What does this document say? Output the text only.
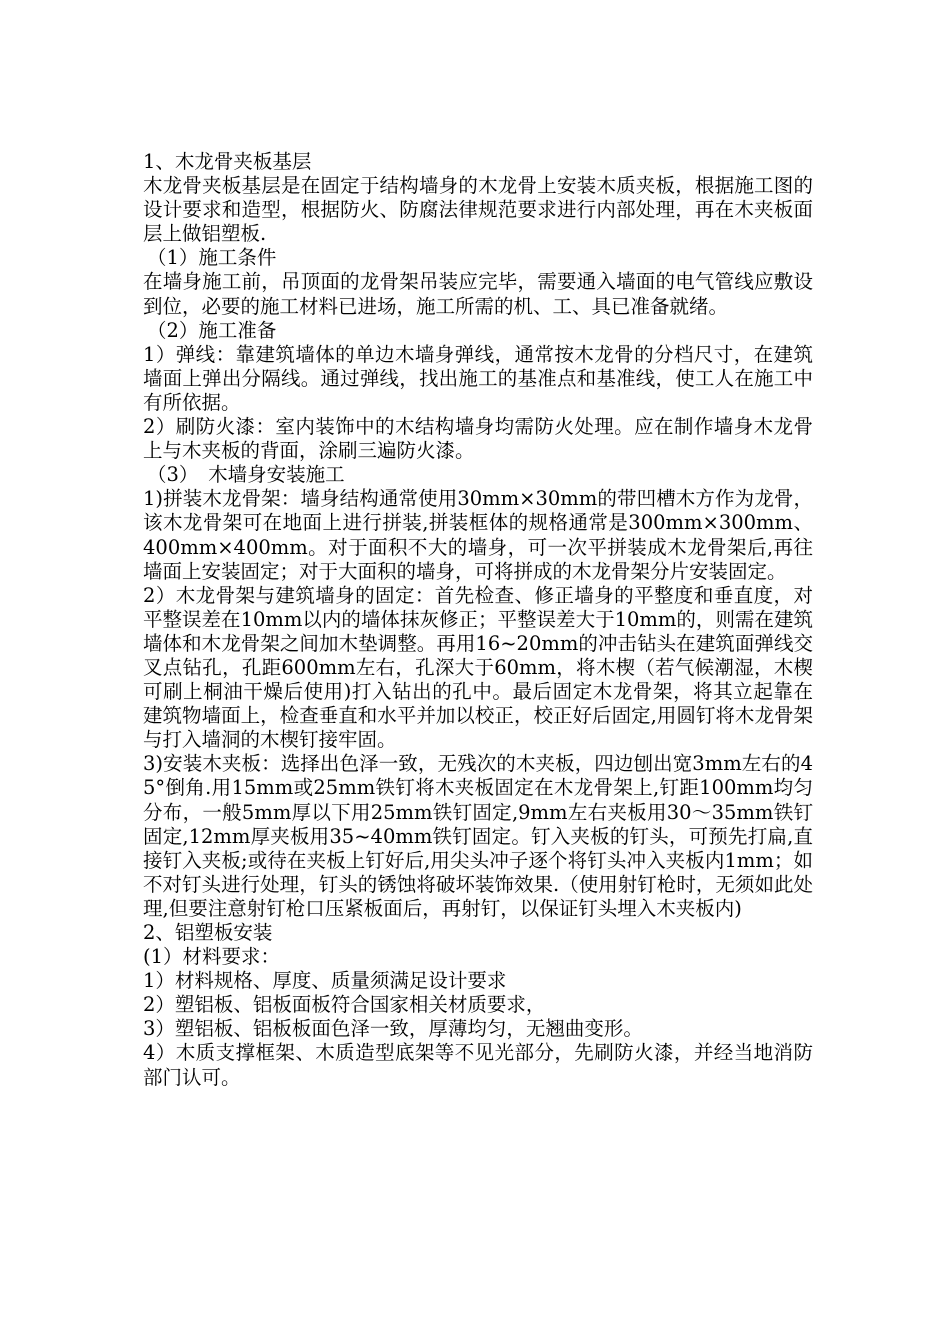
1、木龙骨夹板基层

木龙骨夹板基层是在固定于结构墙身的木龙骨上安装木质夹板，根据施工图的设计要求和造型，根据防火、防腐法律规范要求进行内部处理，再在木夹板面层上做铝塑板.

（1）施工条件

在墙身施工前，吊顶面的龙骨架吊装应完毕，需要通入墙面的电气管线应敷设到位，必要的施工材料已进场，施工所需的机、工、具已准备就绪。

（2）施工准备

1）弹线：靠建筑墙体的单边木墙身弹线，通常按木龙骨的分档尺寸，在建筑墙面上弹出分隔线。通过弹线，找出施工的基准点和基准线，使工人在施工中有所依据。

2）刷防火漆：室内装饰中的木结构墙身均需防火处理。应在制作墙身木龙骨上与木夹板的背面，涂刷三遍防火漆。

（3）　木墙身安装施工

1)拼装木龙骨架：墙身结构通常使用30mm×30mm的带凹槽木方作为龙骨，该木龙骨架可在地面上进行拼装,拼装框体的规格通常是300mm×300mm、400mm×400mm。对于面积不大的墙身，可一次平拼装成木龙骨架后,再往墙面上安装固定；对于大面积的墙身，可将拼成的木龙骨架分片安装固定。

2）木龙骨架与建筑墙身的固定：首先检查、修正墙身的平整度和垂直度，对平整误差在10mm以内的墙体抹灰修正；平整误差大于10mm的，则需在建筑墙体和木龙骨架之间加木垫调整。再用16~20mm的冲击钻头在建筑面弹线交叉点钻孔，孔距600mm左右，孔深大于60mm，将木楔（若气候潮湿，木楔可刷上桐油干燥后使用)打入钻出的孔中。最后固定木龙骨架，将其立起靠在建筑物墙面上，检查垂直和水平并加以校正，校正好后固定,用圆钉将木龙骨架与打入墙洞的木楔钉接牢固。

3)安装木夹板：选择出色泽一致，无残次的木夹板，四边刨出宽3mm左右的45°倒角.用15mm或25mm铁钉将木夹板固定在木龙骨架上,钉距100mm均匀分布，一般5mm厚以下用25mm铁钉固定,9mm左右夹板用30～35mm铁钉固定,12mm厚夹板用35~40mm铁钉固定。钉入夹板的钉头，可预先打扁,直接钉入夹板;或待在夹板上钉好后,用尖头冲子逐个将钉头冲入夹板内1mm；如不对钉头进行处理，钉头的锈蚀将破坏装饰效果.（使用射钉枪时，无须如此处理,但要注意射钉枪口压紧板面后，再射钉，以保证钉头埋入木夹板内)

2、铝塑板安装

(1）材料要求：

1）材料规格、厚度、质量须满足设计要求

2）塑铝板、铝板面板符合国家相关材质要求，

3）塑铝板、铝板板面色泽一致，厚薄均匀，无翘曲变形。

4）木质支撑框架、木质造型底架等不见光部分，先刷防火漆，并经当地消防部门认可。
